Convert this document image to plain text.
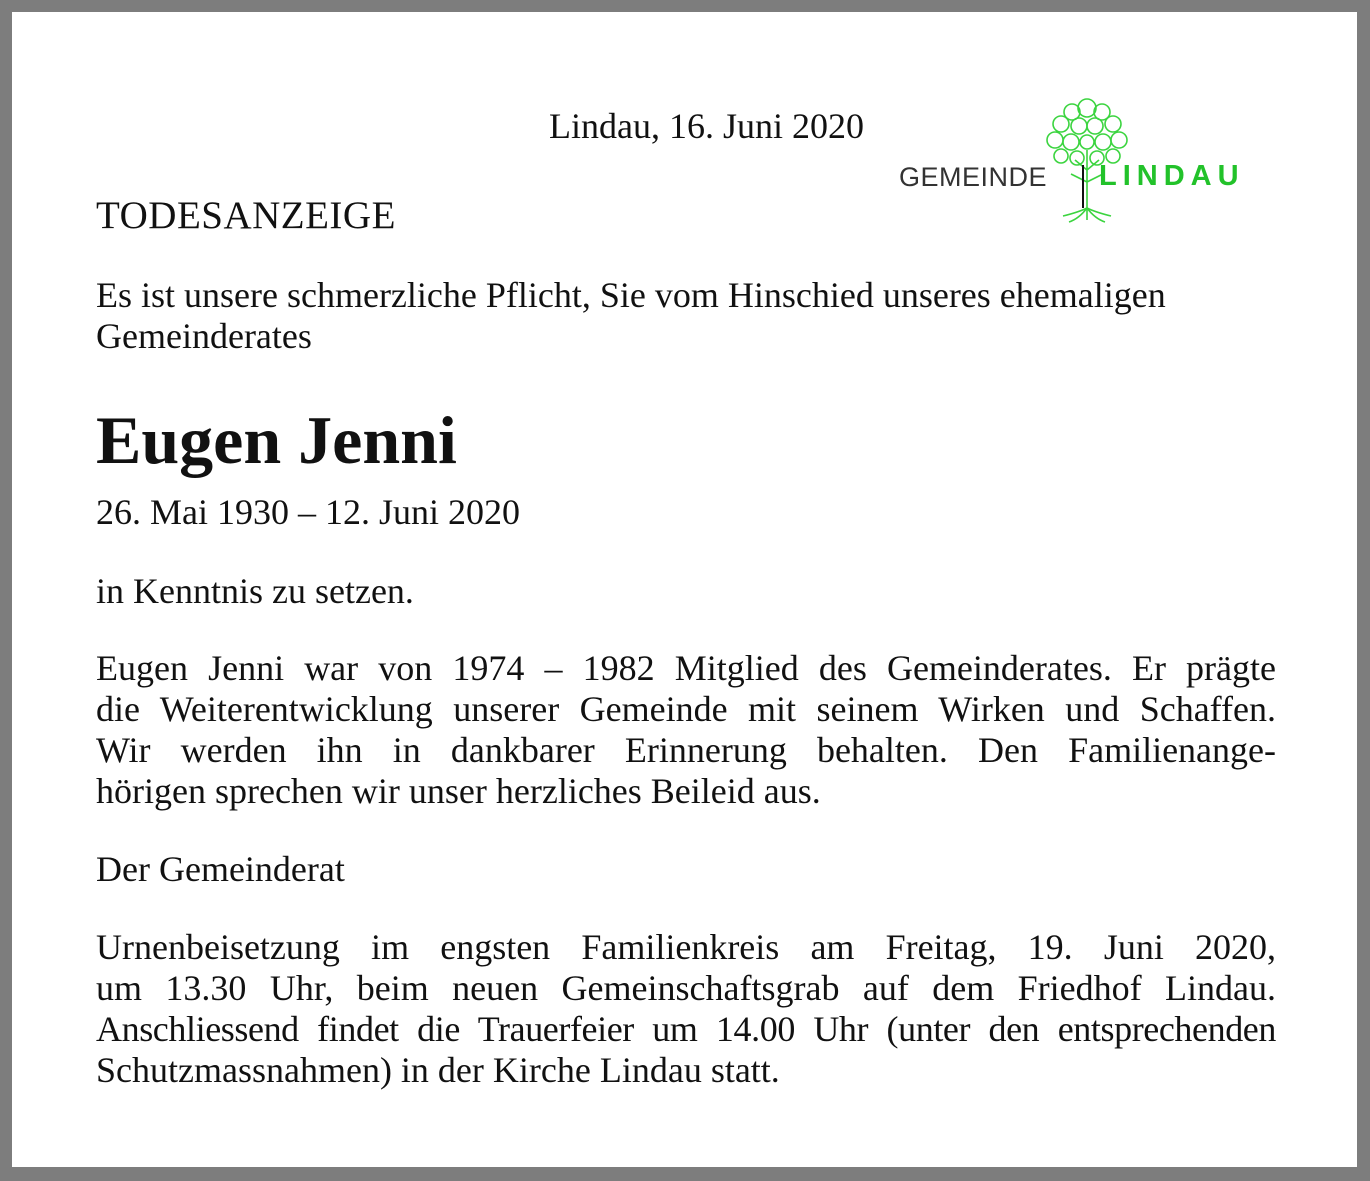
Lindau, 16. Juni 2020
GEMEINDE LINDAU
TODESANZEIGE
Es ist unsere schmerzliche Pflicht, Sie vom Hinschied unseres ehemaligen
Gemeinderates
Eugen Jenni
26. Mai 1930 – 12. Juni 2020
in Kenntnis zu setzen.
Eugen Jenni war von 1974 – 1982 Mitglied des Gemeinderates. Er prägte
die Weiterentwicklung unserer Gemeinde mit seinem Wirken und Schaffen.
Wir werden ihn in dankbarer Erinnerung behalten. Den Familienange-
hörigen sprechen wir unser herzliches Beileid aus.
Der Gemeinderat
Urnenbeisetzung im engsten Familienkreis am Freitag, 19. Juni 2020,
um 13.30 Uhr, beim neuen Gemeinschaftsgrab auf dem Friedhof Lindau.
Anschliessend findet die Trauerfeier um 14.00 Uhr (unter den entsprechenden
Schutzmassnahmen) in der Kirche Lindau statt.
